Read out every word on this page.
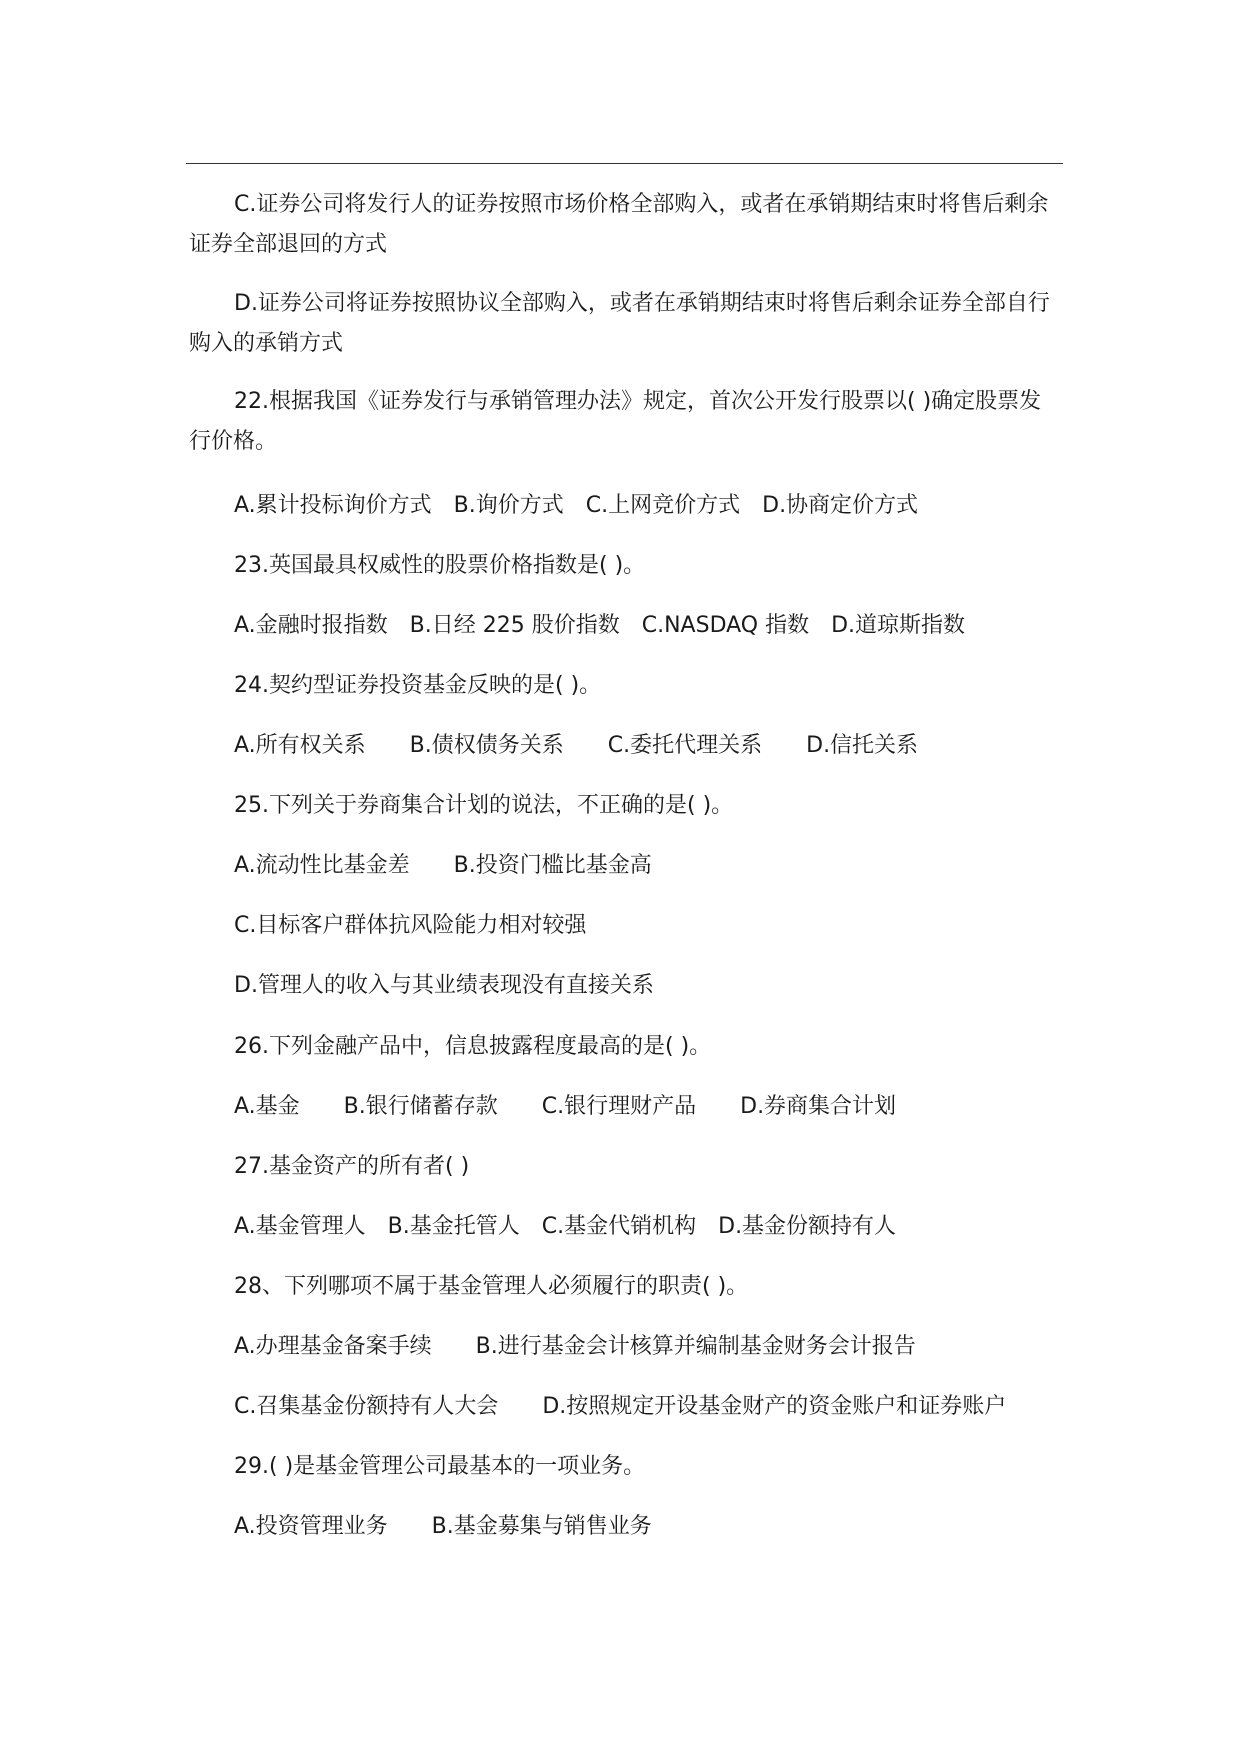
C.证券公司将发行人的证券按照市场价格全部购入，或者在承销期结束时将售后剩余证券全部退回的方式
D.证券公司将证券按照协议全部购入，或者在承销期结束时将售后剩余证券全部自行购入的承销方式
22.根据我国《证券发行与承销管理办法》规定，首次公开发行股票以( )确定股票发行价格。
A.累计投标询价方式 B.询价方式 C.上网竞价方式 D.协商定价方式
23.英国最具权威性的股票价格指数是( )。
A.金融时报指数 B.日经 225 股价指数 C.NASDAQ 指数 D.道琼斯指数
24.契约型证券投资基金反映的是( )。
A.所有权关系 B.债权债务关系 C.委托代理关系 D.信托关系
25.下列关于券商集合计划的说法，不正确的是( )。
A.流动性比基金差 B.投资门槛比基金高
C.目标客户群体抗风险能力相对较强
D.管理人的收入与其业绩表现没有直接关系
26.下列金融产品中，信息披露程度最高的是( )。
A.基金 B.银行储蓄存款 C.银行理财产品 D.券商集合计划
27.基金资产的所有者( )
A.基金管理人 B.基金托管人 C.基金代销机构 D.基金份额持有人
28、下列哪项不属于基金管理人必须履行的职责( )。
A.办理基金备案手续 B.进行基金会计核算并编制基金财务会计报告
C.召集基金份额持有人大会 D.按照规定开设基金财产的资金账户和证券账户
29.( )是基金管理公司最基本的一项业务。
A.投资管理业务 B.基金募集与销售业务
